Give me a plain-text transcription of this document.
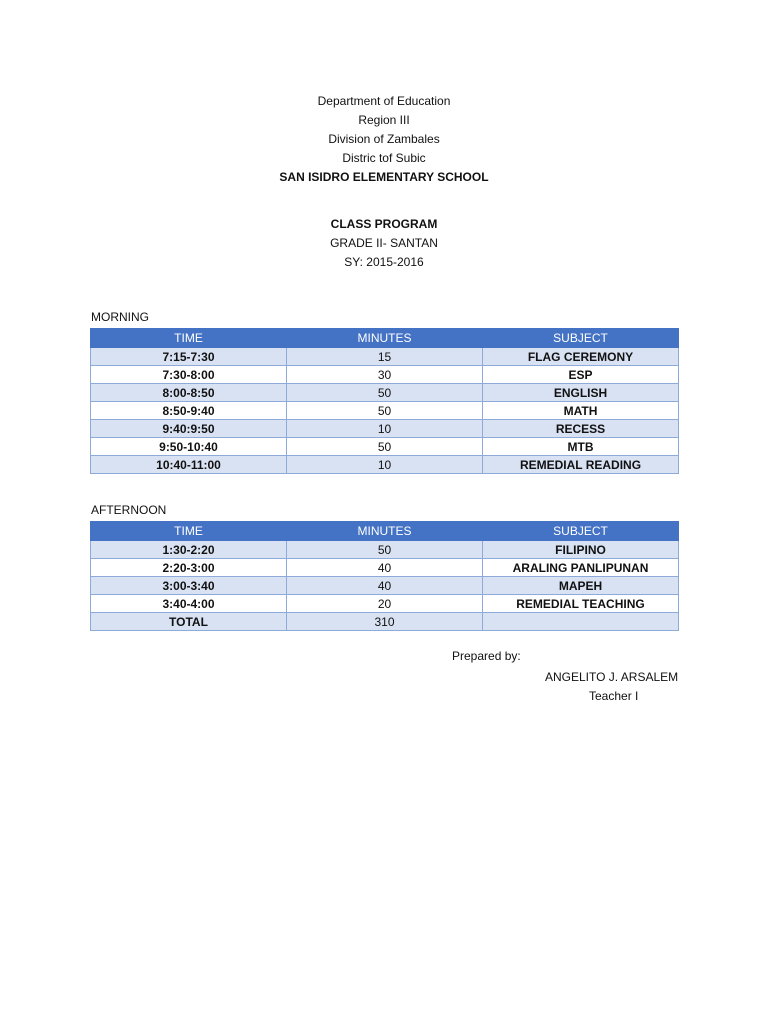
Department of Education
Region III
Division of Zambales
Distric tof Subic
SAN ISIDRO ELEMENTARY SCHOOL
CLASS PROGRAM
GRADE II- SANTAN
SY: 2015-2016
MORNING
TIME	MINUTES	SUBJECT
7:15-7:30	15	FLAG CEREMONY
7:30-8:00	30	ESP
8:00-8:50	50	ENGLISH
8:50-9:40	50	MATH
9:40:9:50	10	RECESS
9:50-10:40	50	MTB
10:40-11:00	10	REMEDIAL READING
AFTERNOON
TIME	MINUTES	SUBJECT
1:30-2:20	50	FILIPINO
2:20-3:00	40	ARALING PANLIPUNAN
3:00-3:40	40	MAPEH
3:40-4:00	20	REMEDIAL TEACHING
TOTAL	310	
Prepared by:
ANGELITO J. ARSALEM
Teacher I
